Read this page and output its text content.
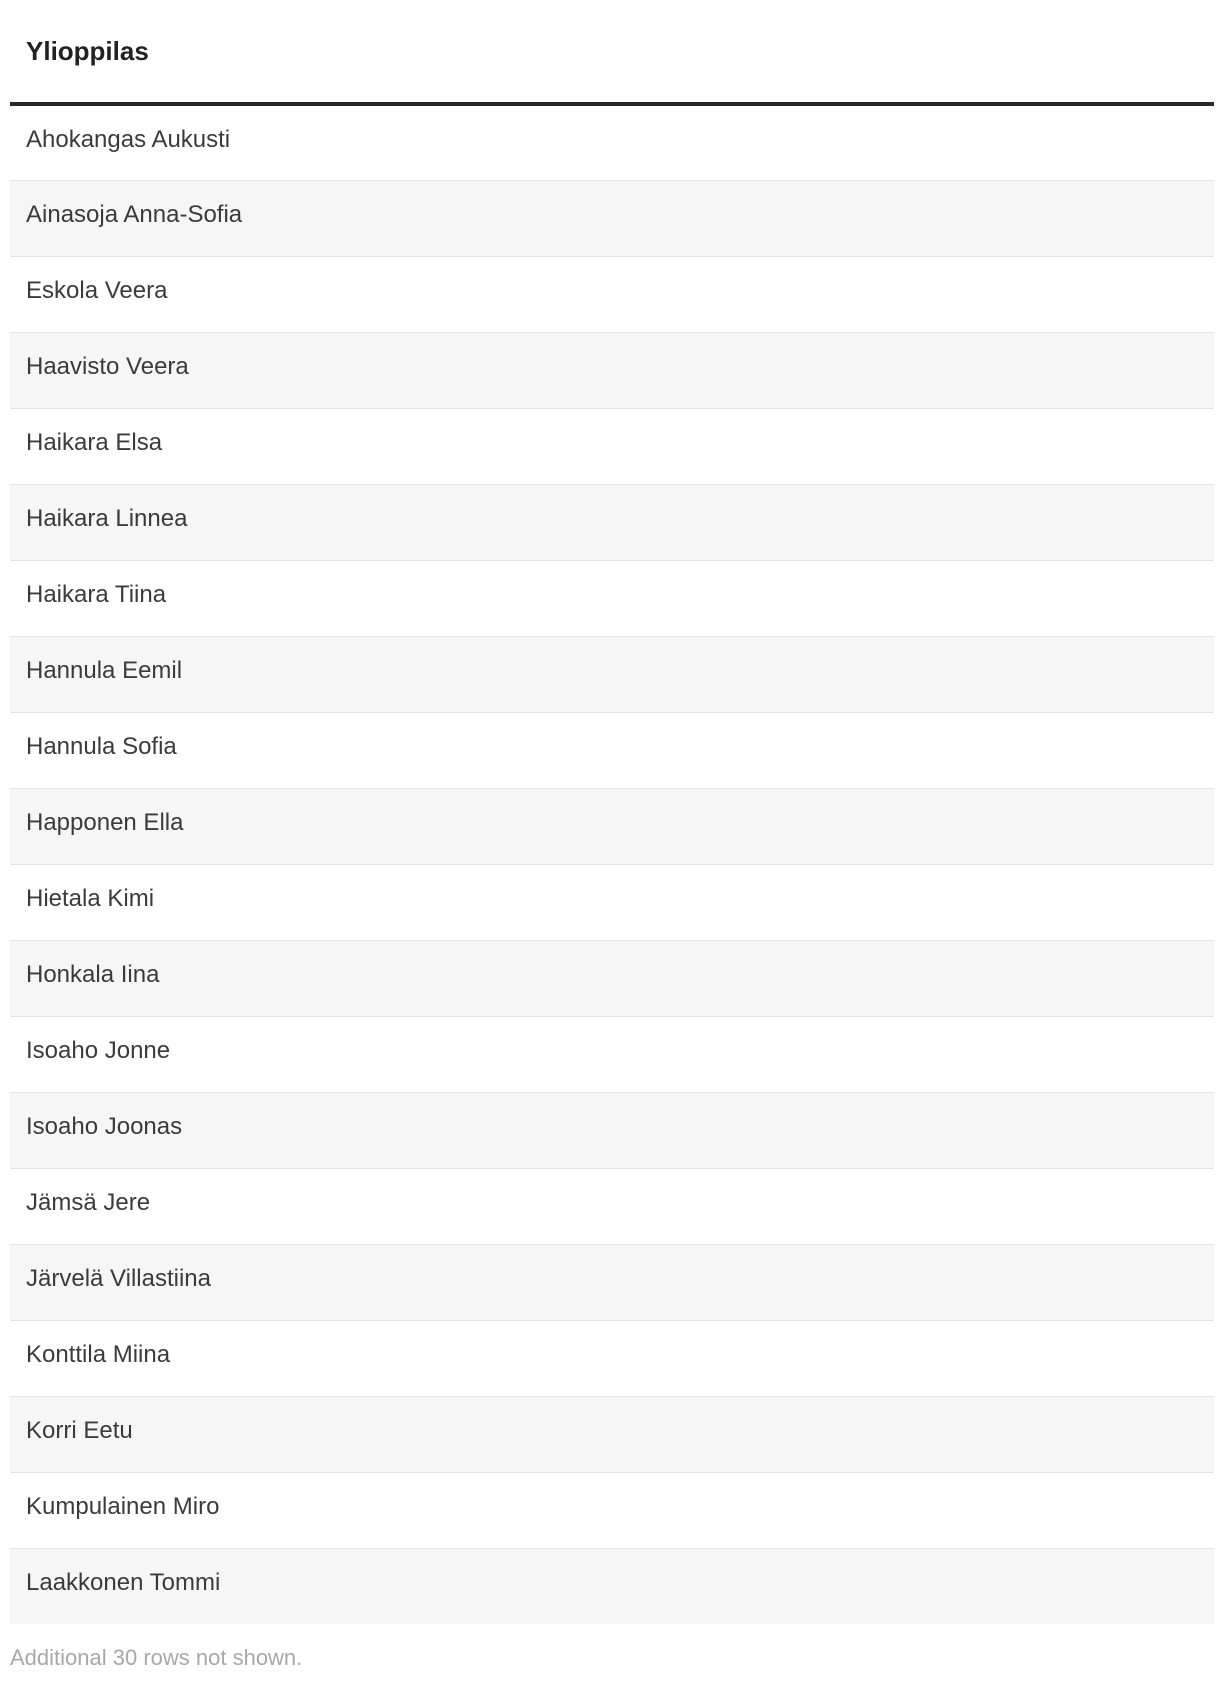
Ylioppilas
Ahokangas Aukusti
Ainasoja Anna-Sofia
Eskola Veera
Haavisto Veera
Haikara Elsa
Haikara Linnea
Haikara Tiina
Hannula Eemil
Hannula Sofia
Happonen Ella
Hietala Kimi
Honkala Iina
Isoaho Jonne
Isoaho Joonas
Jämsä Jere
Järvelä Villastiina
Konttila Miina
Korri Eetu
Kumpulainen Miro
Laakkonen Tommi
Additional 30 rows not shown.
